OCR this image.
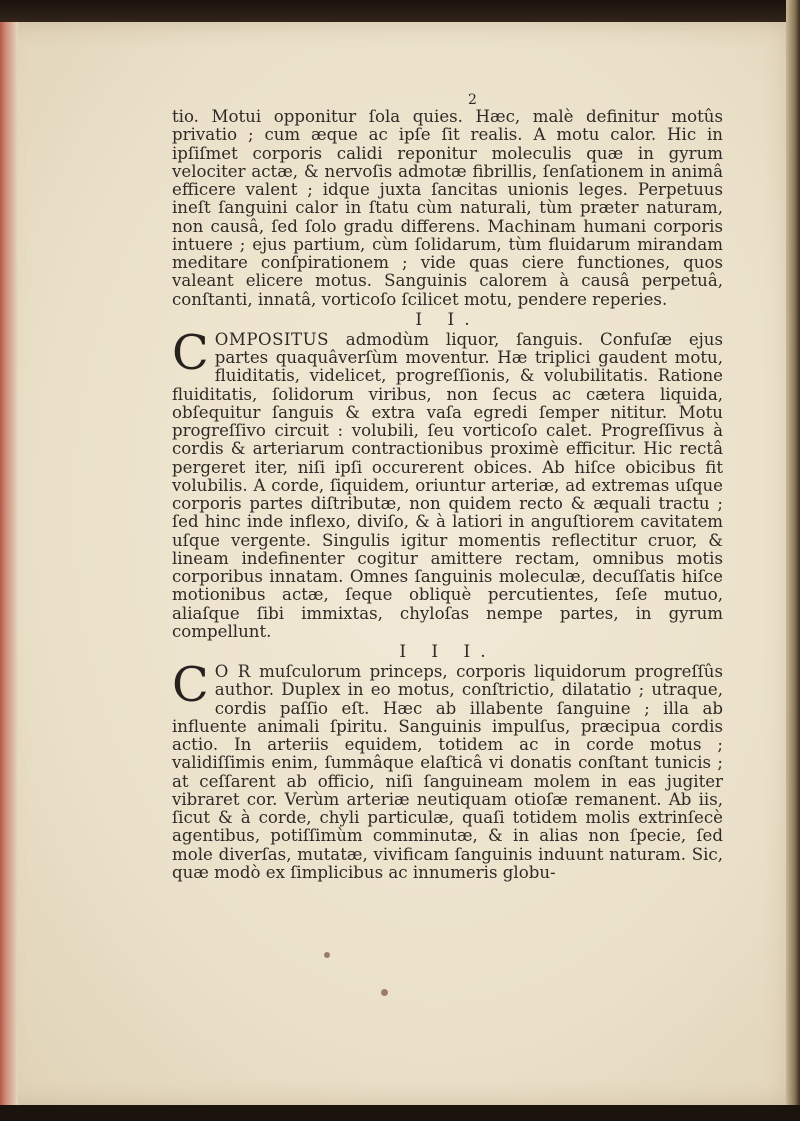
2

tio. Motui opponitur ſola quies. Hæc, malè definitur motûs privatio ; cum æque ac ipſe ſit realis. A motu calor. Hic in ipſiſmet corporis calidi reponitur moleculis quæ in gyrum velociter actæ, & nervoſis admotæ fibrillis, ſenſationem in animâ efficere valent ; idque juxta ſancitas unionis leges. Perpetuus ineſt ſanguini calor in ſtatu cùm naturali, tùm præter naturam, non causâ, ſed ſolo gradu differens. Machinam humani corporis intuere ; ejus partium, cùm ſolidarum, tùm fluidarum mirandam meditare conſpirationem ; vide quas ciere functiones, quos valeant elicere motus. Sanguinis calorem à causâ perpetuâ, conſtanti, innatâ, vorticoſo ſcilicet motu, pendere reperies.

I I.
COMPOSITUS admodùm liquor, ſanguis. Confuſæ ejus partes quaquâverſùm moventur. Hæ triplici gaudent motu, fluiditatis, videlicet, progreſſionis, & volubilitatis. Ratione fluiditatis, ſolidorum viribus, non ſecus ac cætera liquida, obſequitur ſanguis & extra vaſa egredi ſemper nititur. Motu progreſſivo circuit : volubili, ſeu vorticoſo calet. Progreſſivus à cordis & arteriarum contractionibus proximè efficitur. Hic rectâ pergeret iter, niſi ipſi occurerent obices. Ab hiſce obicibus fit volubilis. A corde, ſiquidem, oriuntur arteriæ, ad extremas uſque corporis partes diſtributæ, non quidem recto & æquali tractu ; ſed hinc inde inflexo, diviſo, & à latiori in anguſtiorem cavitatem uſque vergente. Singulis igitur momentis reflectitur cruor, & lineam indefinenter cogitur amittere rectam, omnibus motis corporibus innatam. Omnes ſanguinis moleculæ, decuſſatis hiſce motionibus actæ, ſeque obliquè percutientes, ſeſe mutuo, aliaſque ſibi immixtas, chyloſas nempe partes, in gyrum compellunt.
I I I.
C O R muſculorum princeps, corporis liquidorum progreſſûs author. Duplex in eo motus, conſtrictio, dilatatio ; utraque, cordis paſſio eſt. Hæc ab illabente ſanguine ; illa ab influente animali ſpiritu. Sanguinis impulſus, præcipua cordis actio. In arteriis equidem, totidem ac in corde motus ; validiſſimis enim, ſummâque elaſticâ vi donatis conſtant tunicis ; at ceſſarent ab officio, niſi ſanguineam molem in eas jugiter vibraret cor. Verùm arteriæ neutiquam otioſæ remanent. Ab iis, ſicut & à corde, chyli particulæ, quaſi totidem molis extrinſecè agentibus, potiſſimùm comminutæ, & in alias non ſpecie, ſed mole diverſas, mutatæ, vivificam ſanguinis induunt naturam. Sic, quæ modò ex ſimplicibus ac innumeris globu-
